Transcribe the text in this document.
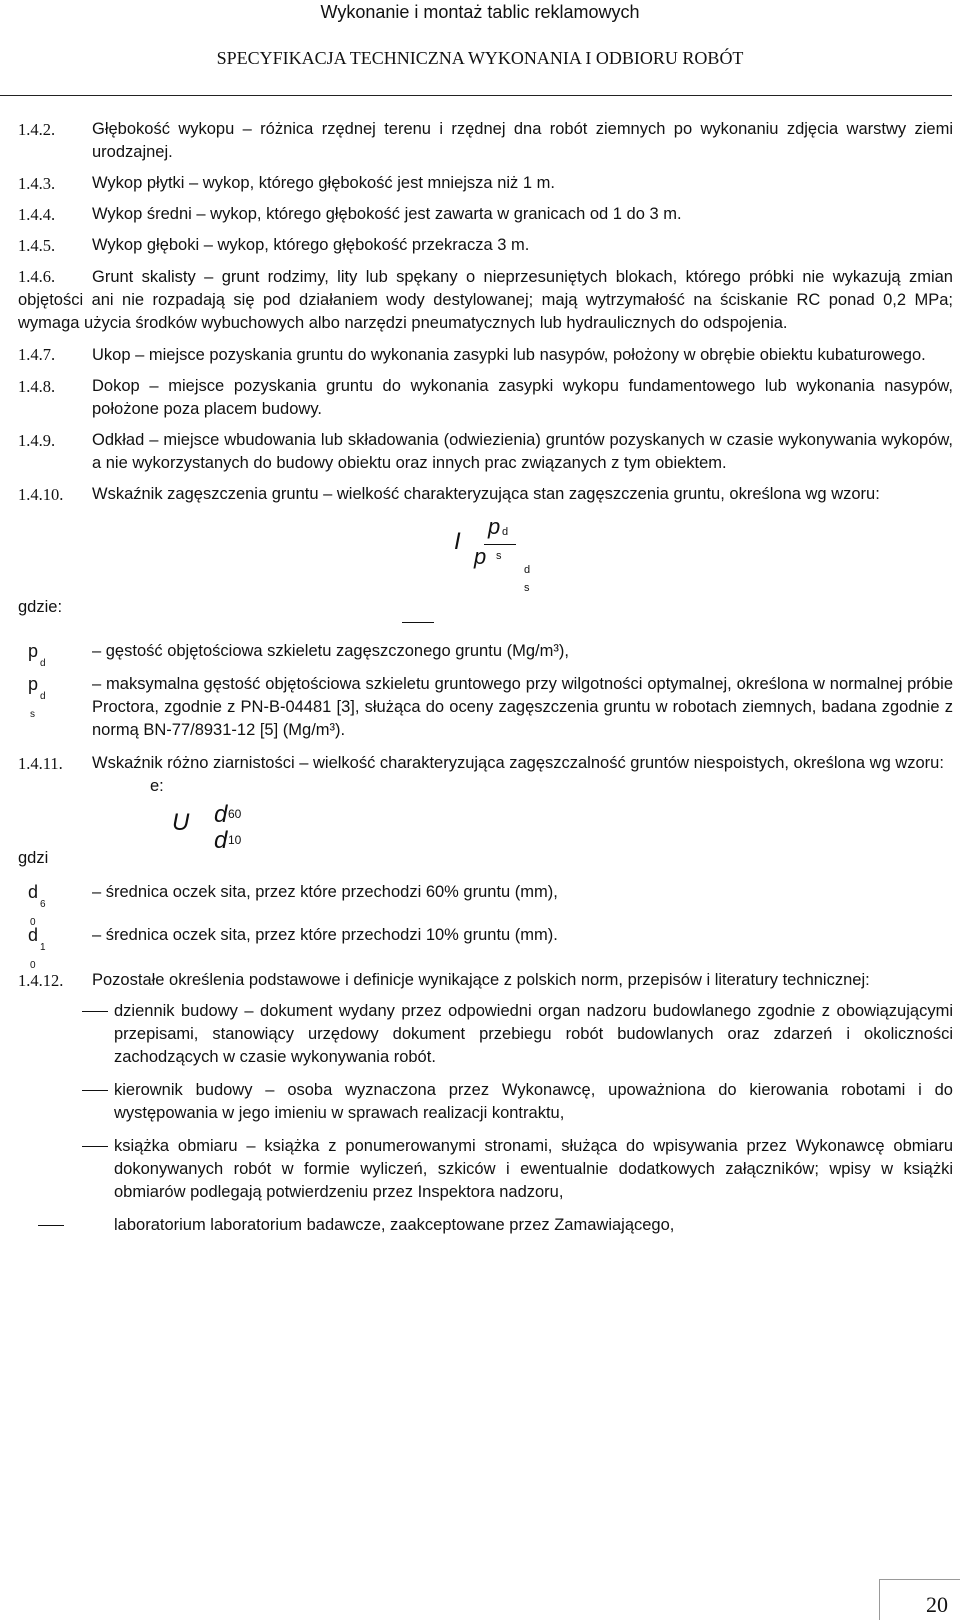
Wykonanie i montaż tablic reklamowych
SPECYFIKACJA TECHNICZNA WYKONANIA I ODBIORU ROBÓT
1.4.2. Głębokość wykopu – różnica rzędnej terenu i rzędnej dna robót ziemnych po wykonaniu zdjęcia warstwy ziemi urodzajnej.
1.4.3. Wykop płytki – wykop, którego głębokość jest mniejsza niż 1 m.
1.4.4. Wykop średni – wykop, którego głębokość jest zawarta w granicach od 1 do 3 m.
1.4.5. Wykop głęboki – wykop, którego głębokość przekracza 3 m.
1.4.6. Grunt skalisty – grunt rodzimy, lity lub spękany o nieprzesuniętych blokach, którego próbki nie wykazują zmian objętości ani nie rozpadają się pod działaniem wody destylowanej; mają wytrzymałość na ściskanie RC ponad 0,2 MPa; wymaga użycia środków wybuchowych albo narzędzi pneumatycznych lub hydraulicznych do odspojenia.
1.4.7. Ukop – miejsce pozyskania gruntu do wykonania zasypki lub nasypów, położony w obrębie obiektu kubaturowego.
1.4.8. Dokop – miejsce pozyskania gruntu do wykonania zasypki wykopu fundamentowego lub wykonania nasypów, położone poza placem budowy.
1.4.9. Odkład – miejsce wbudowania lub składowania (odwiezienia) gruntów pozyskanych w czasie wykonywania wykopów, a nie wykorzystanych do budowy obiektu oraz innych prac związanych z tym obiektem.
1.4.10. Wskaźnik zagęszczenia gruntu – wielkość charakteryzująca stan zagęszczenia gruntu, określona wg wzoru:
I
s
p d
p
d
s
gdzie:
p
d
– gęstość objętościowa szkieletu zagęszczonego gruntu (Mg/m³),
p
d
s
– maksymalna gęstość objętościowa szkieletu gruntowego przy wilgotności optymalnej, określona w normalnej próbie Proctora, zgodnie z PN-B-04481 [3], służąca do oceny zagęszczenia gruntu w robotach ziemnych, badana zgodnie z normą BN-77/8931-12 [5] (Mg/m³).
1.4.11. Wskaźnik różno ziarnistości – wielkość charakteryzująca zagęszczalność gruntów niespoistych, określona wg wzoru:
e:
U d 60
d 10
gdzi
d
6
0
– średnica oczek sita, przez które przechodzi 60% gruntu (mm),
d
1
0
– średnica oczek sita, przez które przechodzi 10% gruntu (mm).
1.4.12. Pozostałe określenia podstawowe i definicje wynikające z polskich norm, przepisów i literatury technicznej:
dziennik budowy – dokument wydany przez odpowiedni organ nadzoru budowlanego zgodnie z obowiązującymi przepisami, stanowiący urzędowy dokument przebiegu robót budowlanych oraz zdarzeń i okoliczności zachodzących w czasie wykonywania robót.
kierownik budowy – osoba wyznaczona przez Wykonawcę, upoważniona do kierowania robotami i do występowania w jego imieniu w sprawach realizacji kontraktu,
książka obmiaru – książka z ponumerowanymi stronami, służąca do wpisywania przez Wykonawcę obmiaru dokonywanych robót w formie wyliczeń, szkiców i ewentualnie dodatkowych załączników; wpisy w książki obmiarów podlegają potwierdzeniu przez Inspektora nadzoru,
laboratorium laboratorium badawcze, zaakceptowane przez Zamawiającego,
20
